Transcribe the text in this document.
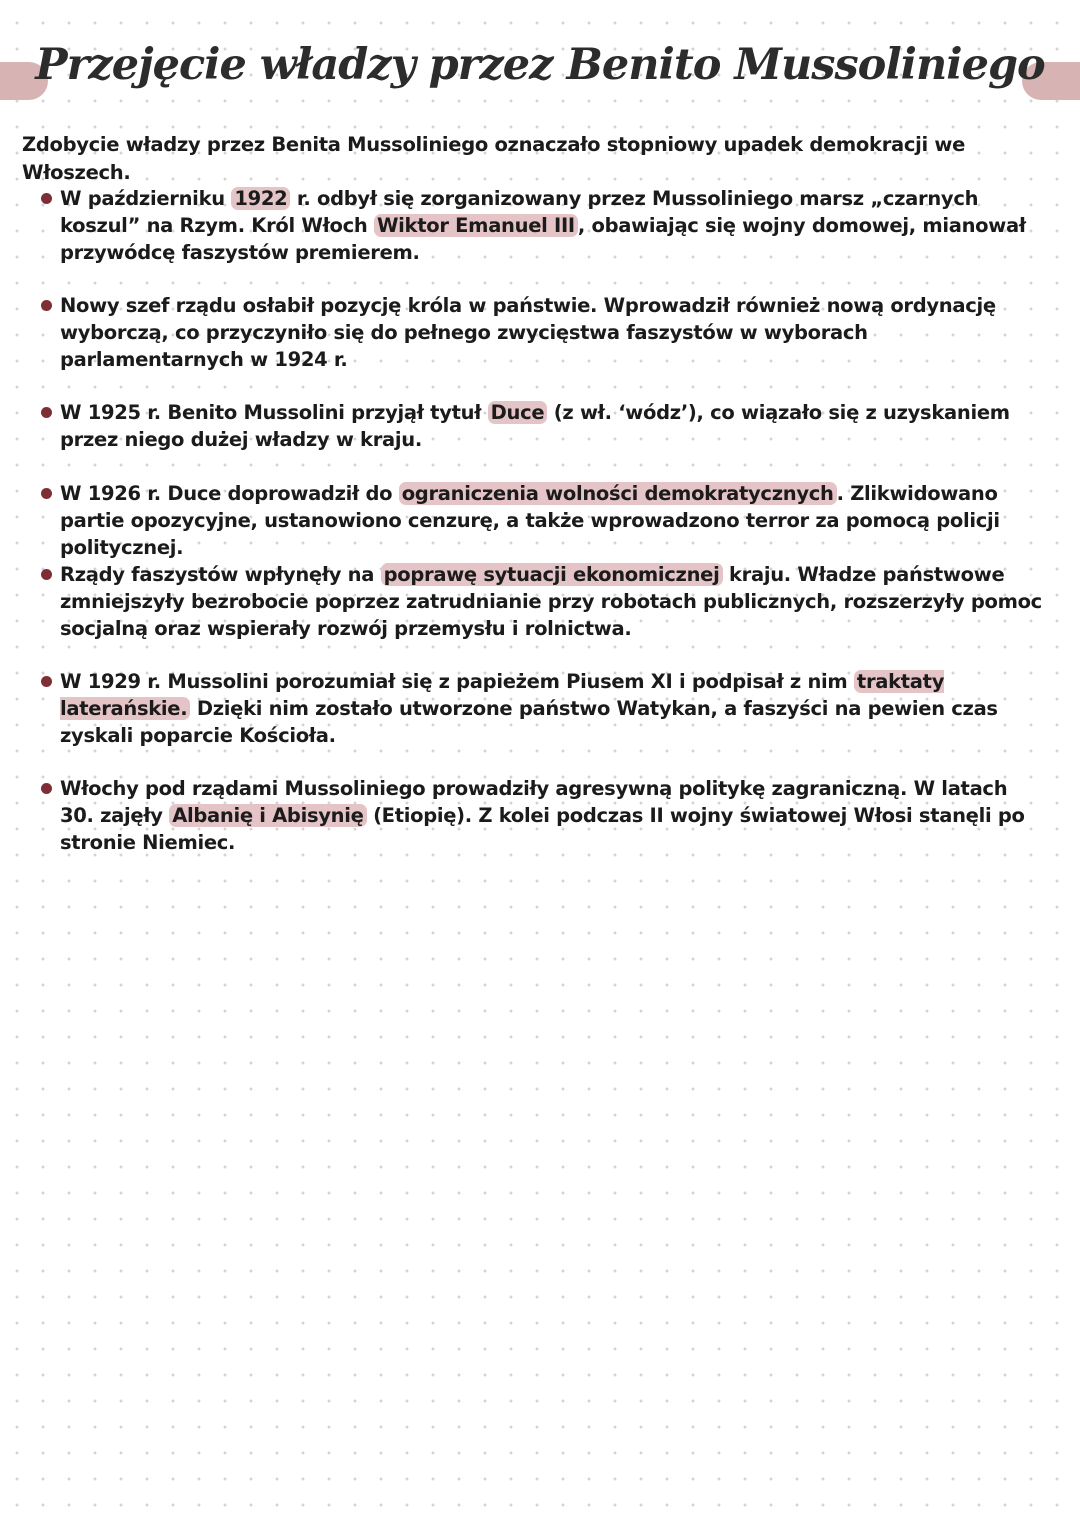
Przejęcie władzy przez Benito Mussoliniego

Zdobycie władzy przez Benita Mussoliniego oznaczało stopniowy upadek demokracji we Włoszech.

W październiku 1922 r. odbył się zorganizowany przez Mussoliniego marsz „czarnych koszul” na Rzym. Król Włoch Wiktor Emanuel III , obawiając się wojny domowej, mianował przywódcę faszystów premierem.
Nowy szef rządu osłabił pozycję króla w państwie. Wprowadził również nową ordynację wyborczą, co przyczyniło się do pełnego zwycięstwa faszystów w wyborach parlamentarnych w 1924 r.
W 1925 r. Benito Mussolini przyjął tytuł Duce (z wł. ‘wódz’), co wiązało się z uzyskaniem przez niego dużej władzy w kraju.
W 1926 r. Duce doprowadził do ograniczenia wolności demokratycznych . Zlikwidowano partie opozycyjne, ustanowiono cenzurę, a także wprowadzono terror za pomocą policji politycznej.
Rządy faszystów wpłynęły na poprawę sytuacji ekonomicznej kraju. Władze państwowe zmniejszyły bezrobocie poprzez zatrudnianie przy robotach publicznych, rozszerzyły pomoc socjalną oraz wspierały rozwój przemysłu i rolnictwa.
W 1929 r. Mussolini porozumiał się z papieżem Piusem XI i podpisał z nim traktaty laterańskie. Dzięki nim zostało utworzone państwo Watykan, a faszyści na pewien czas zyskali poparcie Kościoła.
Włochy pod rządami Mussoliniego prowadziły agresywną politykę zagraniczną. W latach 30. zajęły Albanię i Abisynię (Etiopię). Z kolei podczas II wojny światowej Włosi stanęli po stronie Niemiec.
